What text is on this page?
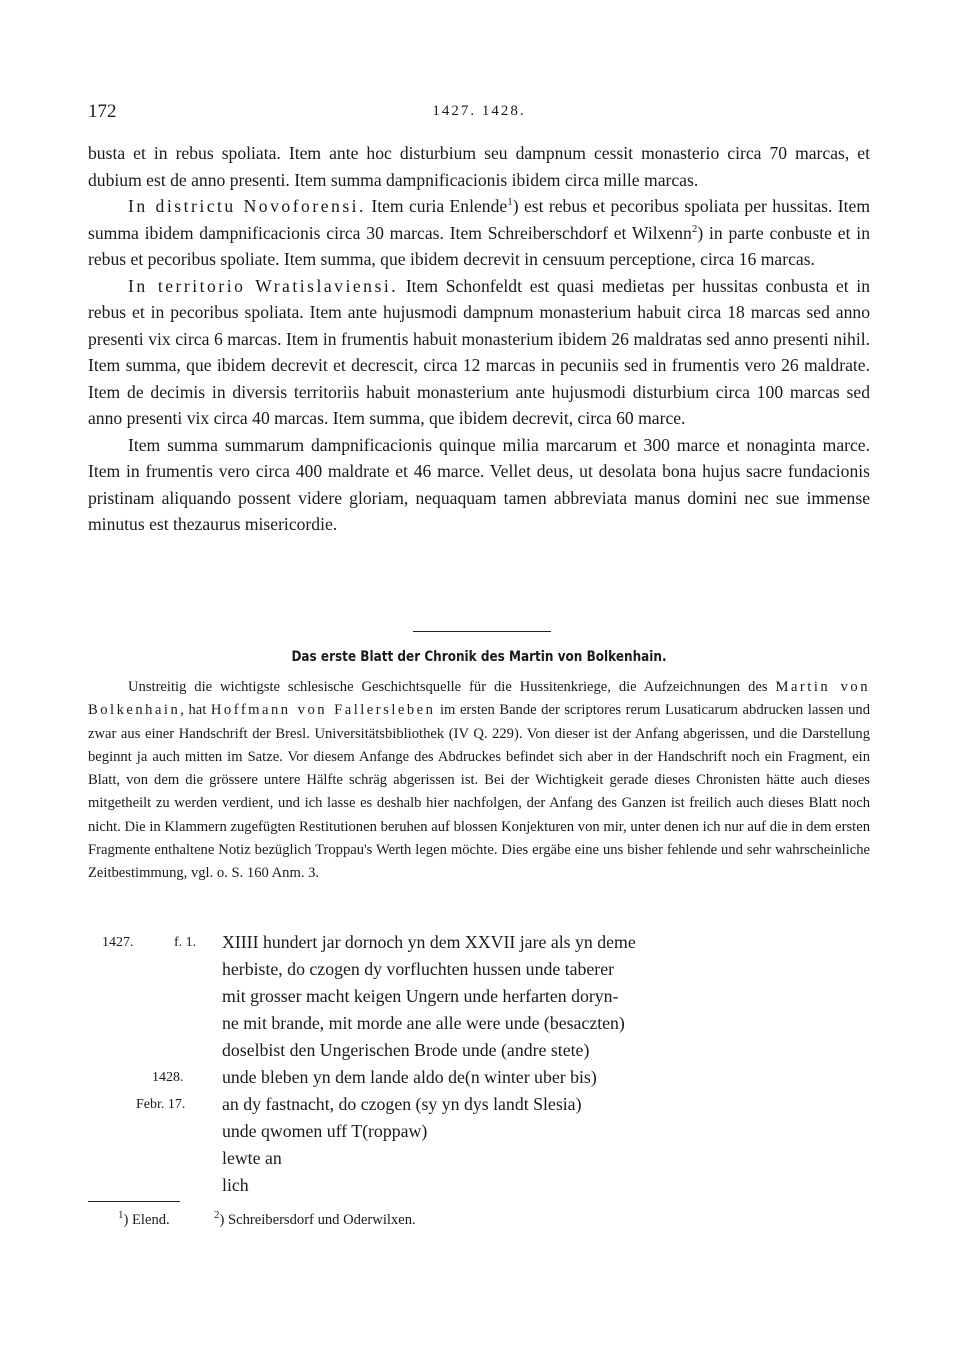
172	1427. 1428.

busta et in rebus spoliata. Item ante hoc disturbium seu dampnum cessit monasterio circa 70 marcas, et dubium est de anno presenti. Item summa dampnificacionis ibidem circa mille marcas.

In districtu Novoforensi. Item curia Enlende$^1$) est rebus et pecoribus spoliata per hussitas. Item summa ibidem dampnificacionis circa 30 marcas. Item Schreiberschdorf et Wilxenn$^2$) in parte conbuste et in rebus et pecoribus spoliate. Item summa, que ibidem decrevit in censuum perceptione, circa 16 marcas.

In territorio Wratislaviensi. Item Schonfeldt est quasi medietas per hussitas conbusta et in rebus et in pecoribus spoliata. Item ante hujusmodi dampnum monasterium habuit circa 18 marcas sed anno presenti vix circa 6 marcas. Item in frumentis habuit monasterium ibidem 26 maldratas sed anno presenti nihil. Item summa, que ibidem decrevit et decrescit, circa 12 marcas in pecuniis sed in frumentis vero 26 maldrate. Item de decimis in diversis territoriis habuit monasterium ante hujusmodi disturbium circa 100 marcas sed anno presenti vix circa 40 marcas. Item summa, que ibidem decrevit, circa 60 marce.

Item summa summarum dampnificacionis quinque milia marcarum et 300 marce et nonaginta marce. Item in frumentis vero circa 400 maldrate et 46 marce. Vellet deus, ut desolata bona hujus sacre fundacionis pristinam aliquando possent videre gloriam, nequaquam tamen abbreviata manus domini nec sue immense minutus est thezaurus misericordie.

Das erste Blatt der Chronik des Martin von Bolkenhain.

Unstreitig die wichtigste schlesische Geschichtsquelle für die Hussitenkriege, die Aufzeichnungen des Martin von Bolkenhain, hat Hoffmann von Fallersleben im ersten Bande der scriptores rerum Lusaticarum abdrucken lassen und zwar aus einer Handschrift der Bresl. Universitätsbibliothek (IV Q. 229). Von dieser ist der Anfang abgerissen, und die Darstellung beginnt ja auch mitten im Satze. Vor diesem Anfange des Abdruckes befindet sich aber in der Handschrift noch ein Fragment, ein Blatt, von dem die grössere untere Hälfte schräg abgerissen ist. Bei der Wichtigkeit gerade dieses Chronisten hätte auch dieses mitgetheilt zu werden verdient, und ich lasse es deshalb hier nachfolgen, der Anfang des Ganzen ist freilich auch dieses Blatt noch nicht. Die in Klammern zugefügten Restitutionen beruhen auf blossen Konjekturen von mir, unter denen ich nur auf die in dem ersten Fragmente enthaltene Notiz bezüglich Troppau's Werth legen möchte. Dies ergäbe eine uns bisher fehlende und sehr wahrscheinliche Zeitbestimmung, vgl. o. S. 160 Anm. 3.

1427.	f. 1. XIIII hundert jar dornoch yn dem XXVII jare als yn deme
herbiste, do czogen dy vorfluchten hussen unde taberer
mit grosser macht keigen Ungern unde herfarten doryn-
ne mit brande, mit morde ane alle were unde (besaczten)
doselbist den Ungerischen Brode unde (andre stete)
1428. unde bleben yn dem lande aldo de(n winter uber bis)
Febr. 17. an dy fastnacht, do czogen (sy yn dys landt Slesia)
unde qwomen uff T(roppaw)
lewte an
lich
$^1$) Elend.	$^2$) Schreibersdorf und Oderwilxen.
